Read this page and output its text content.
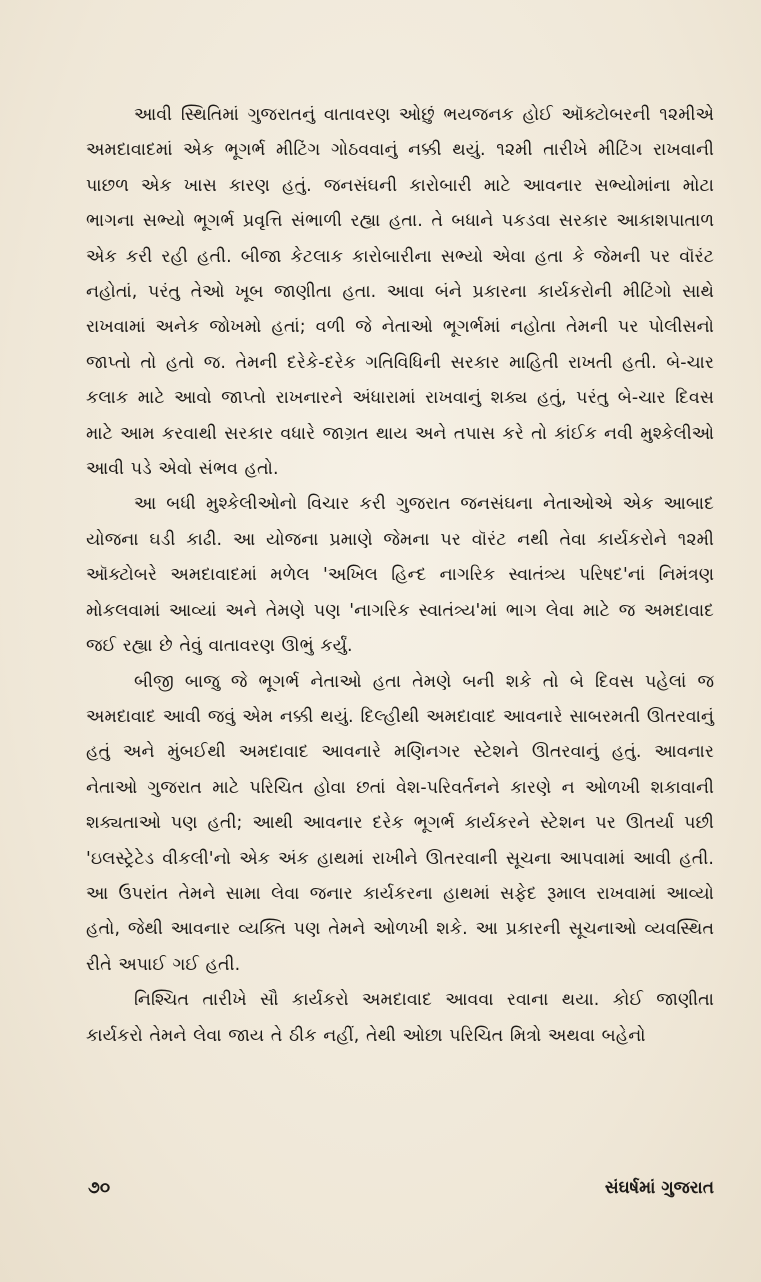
આવી સ્થિતિમાં ગુજરાતનું વાતાવરણ ઓછું ભયજનક હોઈ ઑક્ટોબરની ૧૨મીએ અમદાવાદમાં એક ભૂગર્ભ મીટિંગ ગોઠવવાનું નક્કી થયું. ૧૨મી તારીખે મીટિંગ રાખવાની પાછળ એક ખાસ કારણ હતું. જનસંઘની કારોબારી માટે આવનાર સભ્યોમાંના મોટા ભાગના સભ્યો ભૂગર્ભ પ્રવૃત્તિ સંભાળી રહ્યા હતા. તે બધાને પકડવા સરકાર આકાશપાતાળ એક કરી રહી હતી. બીજા કેટલાક કારોબારીના સભ્યો એવા હતા કે જેમની પર વૉરંટ નહોતાં, પરંતુ તેઓ ખૂબ જાણીતા હતા. આવા બંને પ્રકારના કાર્યકરોની મીટિંગો સાથે રાખવામાં અનેક જોખમો હતાં; વળી જે નેતાઓ ભૂગર્ભમાં નહોતા તેમની પર પોલીસનો જાપ્તો તો હતો જ. તેમની દરેકે-દરેક ગતિવિધિની સરકાર માહિતી રાખતી હતી. બે-ચાર કલાક માટે આવો જાપ્તો રાખનારને અંધારામાં રાખવાનું શક્ય હતું, પરંતુ બે-ચાર દિવસ માટે આમ કરવાથી સરકાર વધારે જાગ્રત થાય અને તપાસ કરે તો કાંઈક નવી મુશ્કેલીઓ આવી પડે એવો સંભવ હતો.

આ બધી મુશ્કેલીઓનો વિચાર કરી ગુજરાત જનસંઘના નેતાઓએ એક આબાદ યોજના ઘડી કાઢી. આ યોજના પ્રમાણે જેમના પર વૉરંટ નથી તેવા કાર્યકરોને ૧૨મી ઑક્ટોબરે અમદાવાદમાં મળેલ 'અખિલ હિન્દ નાગરિક સ્વાતંત્ર્ય પરિષદ'નાં નિમંત્રણ મોકલવામાં આવ્યાં અને તેમણે પણ 'નાગરિક સ્વાતંત્ર્ય'માં ભાગ લેવા માટે જ અમદાવાદ જઈ રહ્યા છે તેવું વાતાવરણ ઊભું કર્યું.

બીજી બાજુ જે ભૂગર્ભ નેતાઓ હતા તેમણે બની શકે તો બે દિવસ પહેલાં જ અમદાવાદ આવી જવું એમ નક્કી થયું. દિલ્હીથી અમદાવાદ આવનારે સાબરમતી ઊતરવાનું હતું અને મુંબઈથી અમદાવાદ આવનારે મણિનગર સ્ટેશને ઊતરવાનું હતું. આવનાર નેતાઓ ગુજરાત માટે પરિચિત હોવા છતાં વેશ-પરિવર્તનને કારણે ન ઓળખી શકાવાની શક્યતાઓ પણ હતી; આથી આવનાર દરેક ભૂગર્ભ કાર્યકરને સ્ટેશન પર ઊતર્યા પછી 'ઇલસ્ટ્રેટેડ વીકલી'નો એક અંક હાથમાં રાખીને ઊતરવાની સૂચના આપવામાં આવી હતી. આ ઉપરાંત તેમને સામા લેવા જનાર કાર્યકરના હાથમાં સફેદ રૂમાલ રાખવામાં આવ્યો હતો, જેથી આવનાર વ્યક્તિ પણ તેમને ઓળખી શકે. આ પ્રકારની સૂચનાઓ વ્યવસ્થિત રીતે અપાઈ ગઈ હતી.

નિશ્ચિત તારીખે સૌ કાર્યકરો અમદાવાદ આવવા રવાના થયા. કોઈ જાણીતા કાર્યકરો તેમને લેવા જાય તે ઠીક નહીં, તેથી ઓછા પરિચિત મિત્રો અથવા બહેનો

૭૦	સંઘર્ષમાં ગુજરાત
